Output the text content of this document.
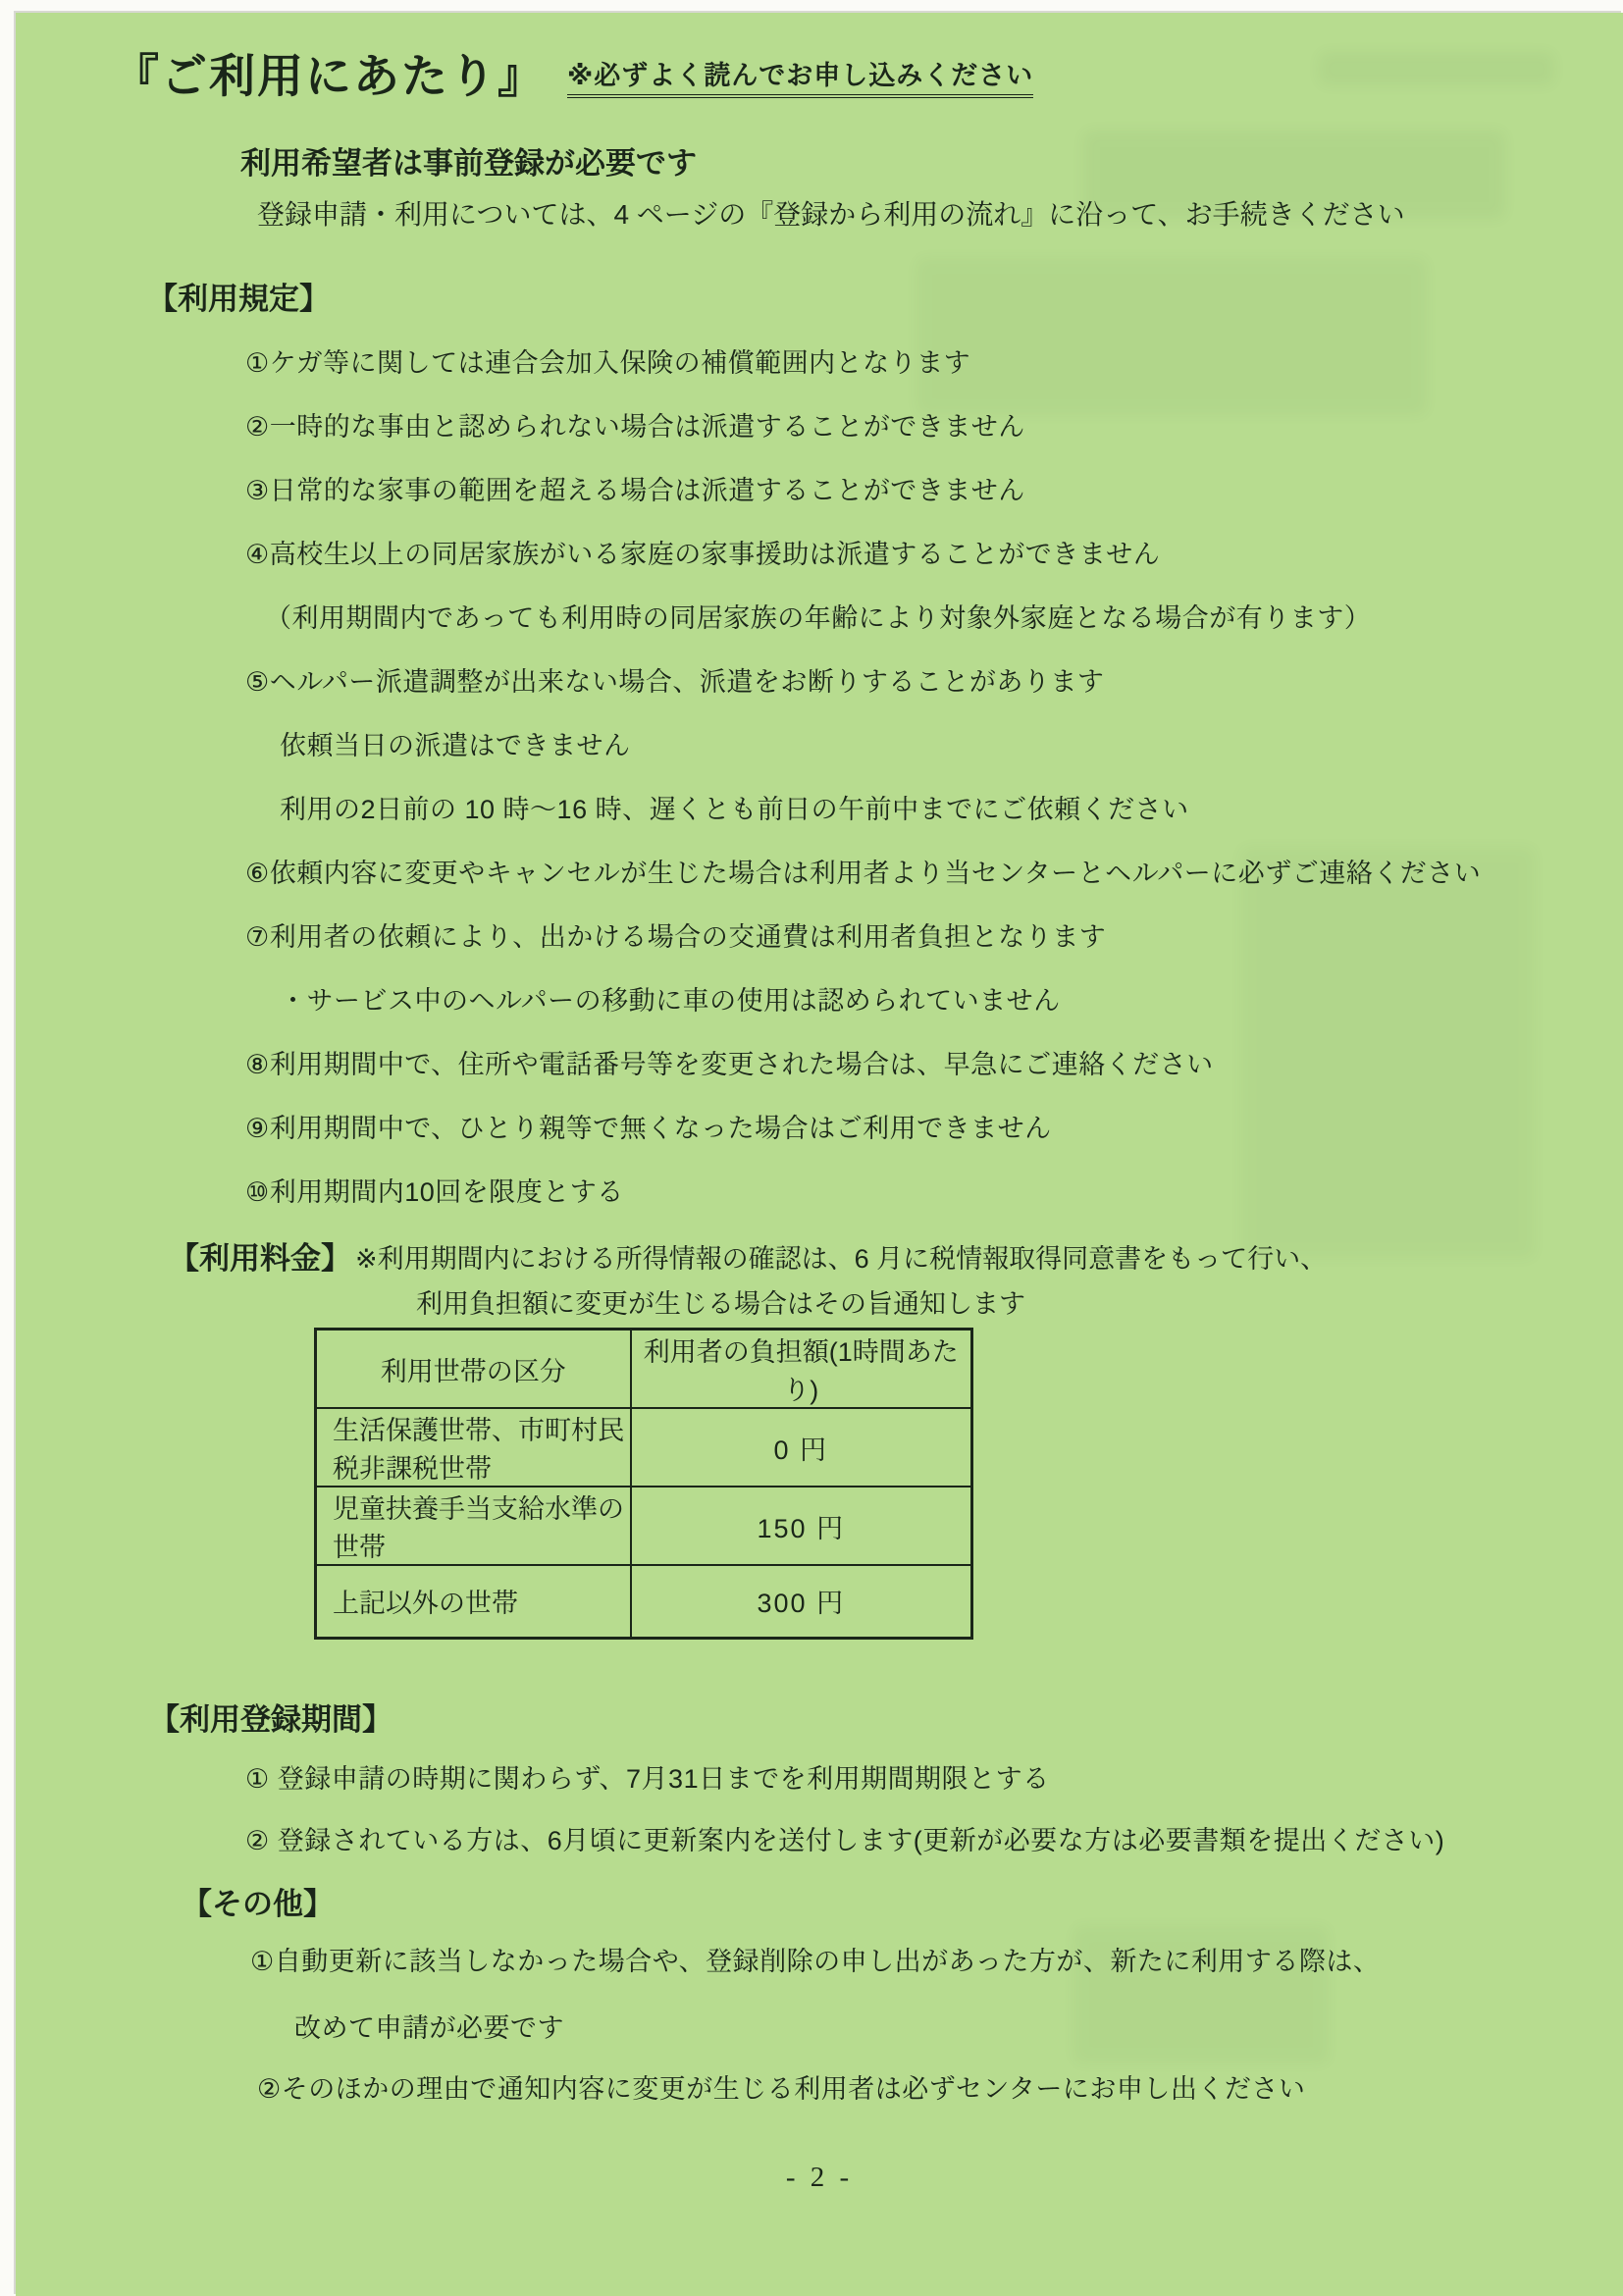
『ご利用にあたり』 ※必ずよく読んでお申し込みください
利用希望者は事前登録が必要です
登録申請・利用については、4 ページの『登録から利用の流れ』に沿って、お手続きください
【利用規定】
①ケガ等に関しては連合会加入保険の補償範囲内となります
②一時的な事由と認められない場合は派遣することができません
③日常的な家事の範囲を超える場合は派遣することができません
④高校生以上の同居家族がいる家庭の家事援助は派遣することができません
（利用期間内であっても利用時の同居家族の年齢により対象外家庭となる場合が有ります）
⑤ヘルパー派遣調整が出来ない場合、派遣をお断りすることがあります
依頼当日の派遣はできません
利用の2日前の 10 時～16 時、遅くとも前日の午前中までにご依頼ください
⑥依頼内容に変更やキャンセルが生じた場合は利用者より当センターとヘルパーに必ずご連絡ください
⑦利用者の依頼により、出かける場合の交通費は利用者負担となります
・サービス中のヘルパーの移動に車の使用は認められていません
⑧利用期間中で、住所や電話番号等を変更された場合は、早急にご連絡ください
⑨利用期間中で、ひとり親等で無くなった場合はご利用できません
⑩利用期間内10回を限度とする
【利用料金】 ※利用期間内における所得情報の確認は、6 月に税情報取得同意書をもって行い、
利用負担額に変更が生じる場合はその旨通知します
利用世帯の区分	利用者の負担額(1時間あたり)
生活保護世帯、市町村民税非課税世帯	0 円
児童扶養手当支給水準の世帯	150 円
上記以外の世帯	300 円
【利用登録期間】
① 登録申請の時期に関わらず、7月31日までを利用期間期限とする
② 登録されている方は、6月頃に更新案内を送付します(更新が必要な方は必要書類を提出ください)
【その他】
①自動更新に該当しなかった場合や、登録削除の申し出があった方が、新たに利用する際は、
改めて申請が必要です
②そのほかの理由で通知内容に変更が生じる利用者は必ずセンターにお申し出ください
- 2 -
